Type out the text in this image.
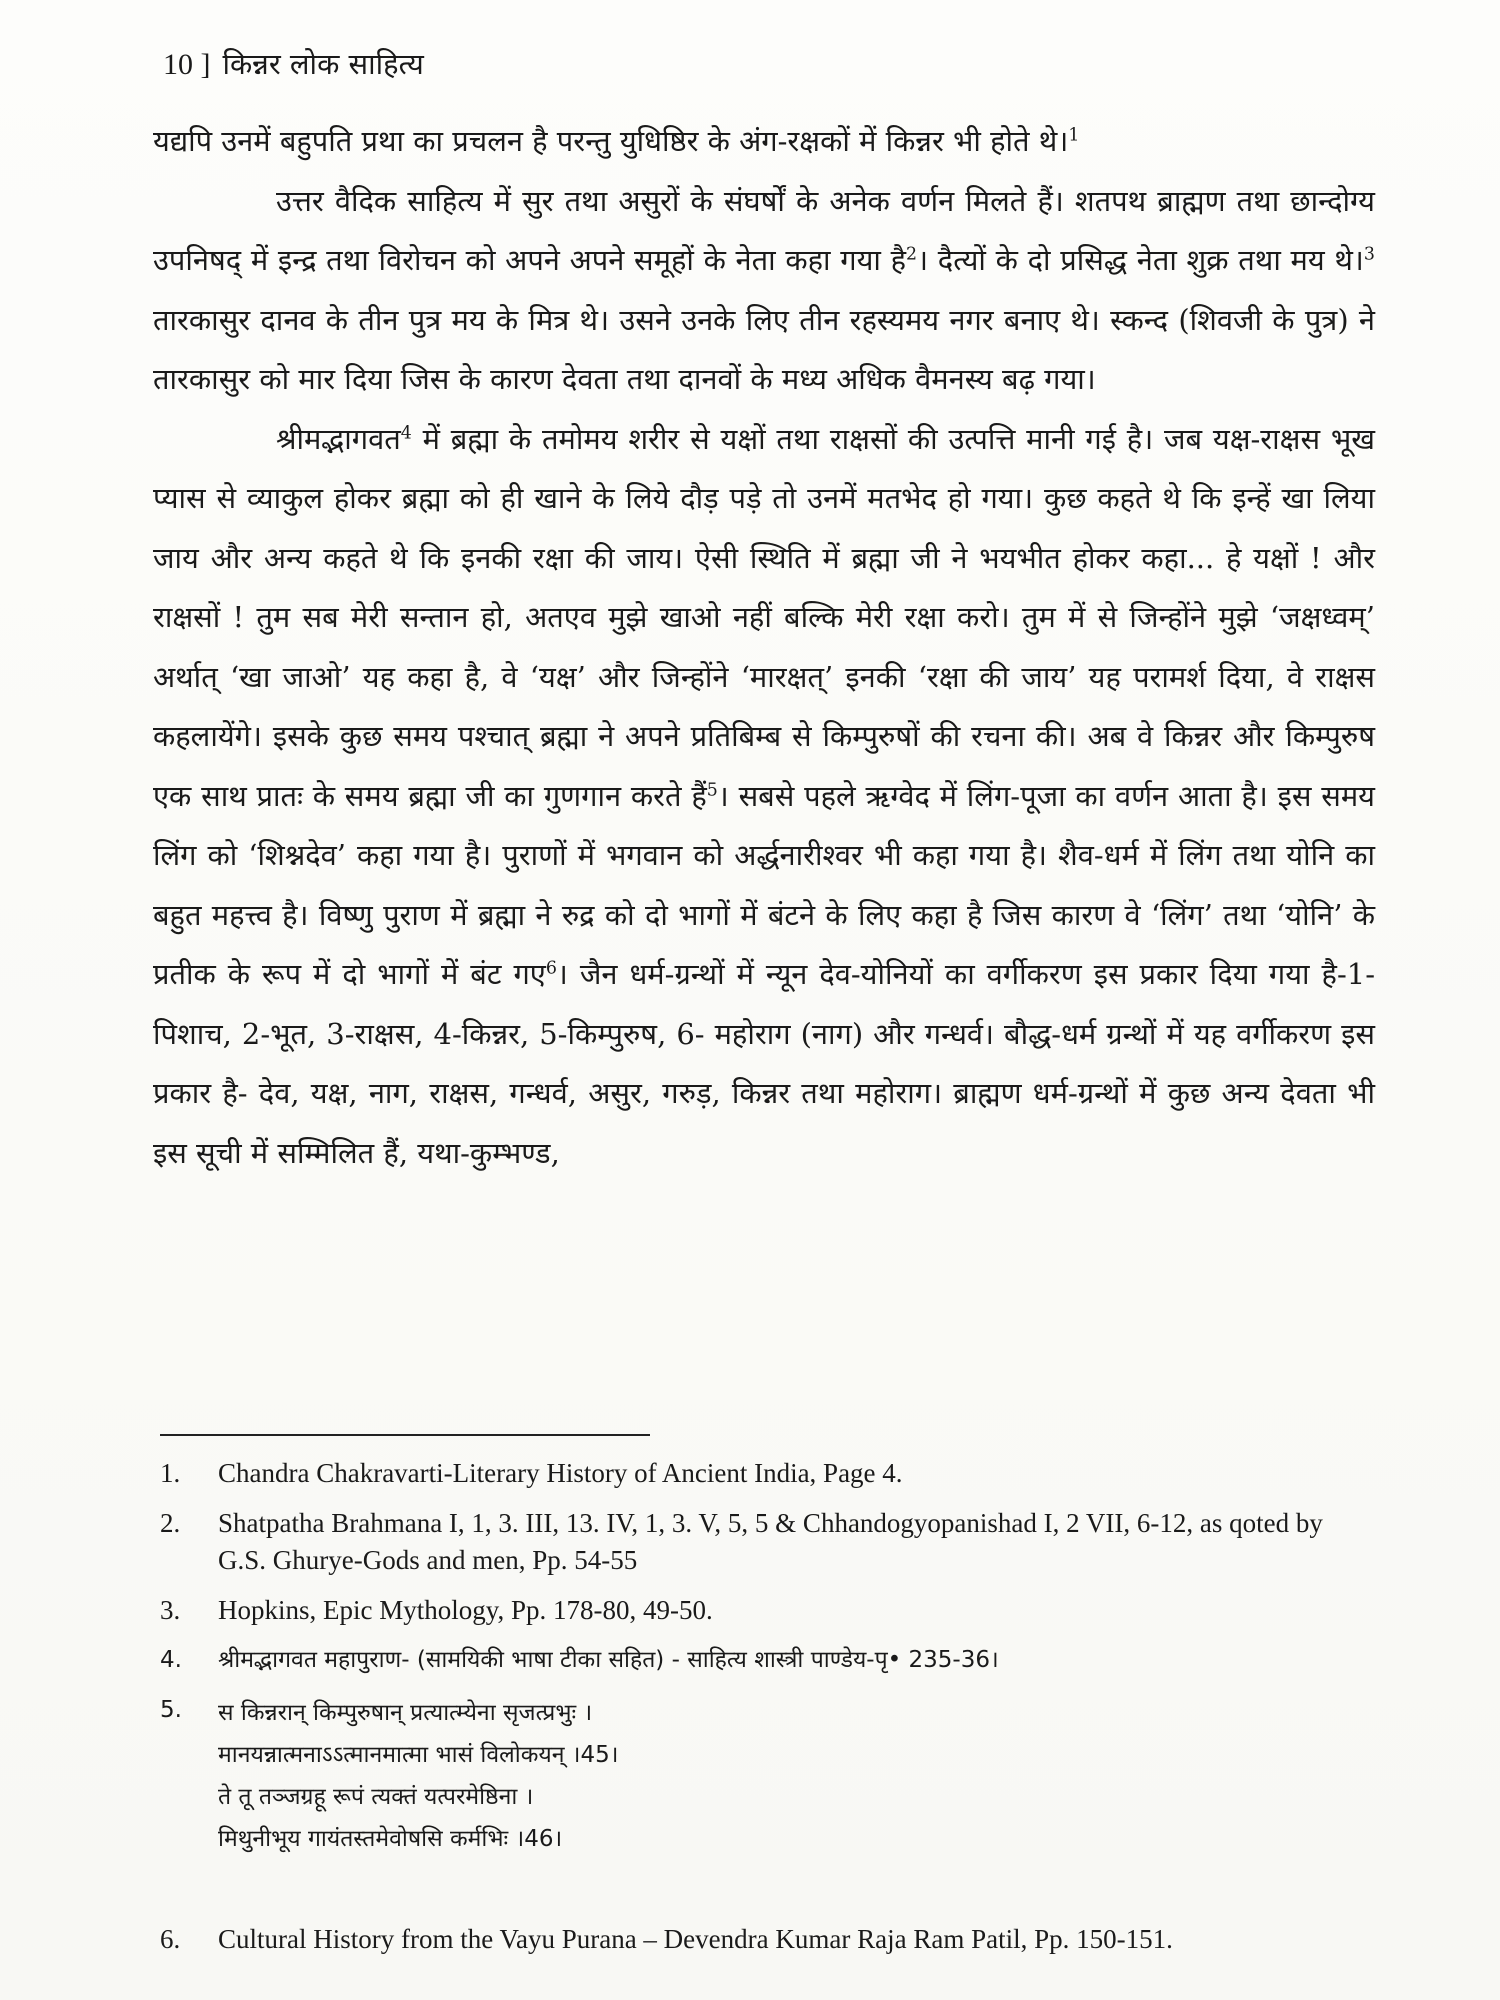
10 ] किन्नर लोक साहित्य

यद्यपि उनमें बहुपति प्रथा का प्रचलन है परन्तु युधिष्ठिर के अंग-रक्षकों में किन्नर भी होते थे।$^1$

उत्तर वैदिक साहित्य में सुर तथा असुरों के संघर्षों के अनेक वर्णन मिलते हैं। शतपथ ब्राह्मण तथा छान्दोग्य उपनिषद् में इन्द्र तथा विरोचन को अपने अपने समूहों के नेता कहा गया है$^2$। दैत्यों के दो प्रसिद्ध नेता शुक्र तथा मय थे।$^3$ तारकासुर दानव के तीन पुत्र मय के मित्र थे। उसने उनके लिए तीन रहस्यमय नगर बनाए थे। स्कन्द (शिवजी के पुत्र) ने तारकासुर को मार दिया जिस के कारण देवता तथा दानवों के मध्य अधिक वैमनस्य बढ़ गया।

श्रीमद्भागवत$^4$ में ब्रह्मा के तमोमय शरीर से यक्षों तथा राक्षसों की उत्पत्ति मानी गई है। जब यक्ष-राक्षस भूख प्यास से व्याकुल होकर ब्रह्मा को ही खाने के लिये दौड़ पड़े तो उनमें मतभेद हो गया। कुछ कहते थे कि इन्हें खा लिया जाय और अन्य कहते थे कि इनकी रक्षा की जाय। ऐसी स्थिति में ब्रह्मा जी ने भयभीत होकर कहा... हे यक्षों ! और राक्षसों ! तुम सब मेरी सन्तान हो, अतएव मुझे खाओ नहीं बल्कि मेरी रक्षा करो। तुम में से जिन्होंने मुझे ‘जक्षध्वम्’ अर्थात् ‘खा जाओ’ यह कहा है, वे ‘यक्ष’ और जिन्होंने ‘मारक्षत्’ इनकी ‘रक्षा की जाय’ यह परामर्श दिया, वे राक्षस कहलायेंगे। इसके कुछ समय पश्चात् ब्रह्मा ने अपने प्रतिबिम्ब से किम्पुरुषों की रचना की। अब वे किन्नर और किम्पुरुष एक साथ प्रातः के समय ब्रह्मा जी का गुणगान करते हैं$^5$। सबसे पहले ऋग्वेद में लिंग-पूजा का वर्णन आता है। इस समय लिंग को ‘शिश्नदेव’ कहा गया है। पुराणों में भगवान को अर्द्धनारीश्वर भी कहा गया है। शैव-धर्म में लिंग तथा योनि का बहुत महत्त्व है। विष्णु पुराण में ब्रह्मा ने रुद्र को दो भागों में बंटने के लिए कहा है जिस कारण वे ‘लिंग’ तथा ‘योनि’ के प्रतीक के रूप में दो भागों में बंट गए$^6$। जैन धर्म-ग्रन्थों में न्यून देव-योनियों का वर्गीकरण इस प्रकार दिया गया है-1-पिशाच, 2-भूत, 3-राक्षस, 4-किन्नर, 5-किम्पुरुष, 6- महोराग (नाग) और गन्धर्व। बौद्ध-धर्म ग्रन्थों में यह वर्गीकरण इस प्रकार है- देव, यक्ष, नाग, राक्षस, गन्धर्व, असुर, गरुड़, किन्नर तथा महोराग। ब्राह्मण धर्म-ग्रन्थों में कुछ अन्य देवता भी इस सूची में सम्मिलित हैं, यथा-कुम्भण्ड,

1.	Chandra Chakravarti-Literary History of Ancient India, Page 4.
2.	Shatpatha Brahmana I, 1, 3. III, 13. IV, 1, 3. V, 5, 5 & Chhandogyopanishad I, 2 VII, 6-12, as qoted by G.S. Ghurye-Gods and men, Pp. 54-55
3.	Hopkins, Epic Mythology, Pp. 178-80, 49-50.
4.	श्रीमद्भागवत महापुराण- (सामयिकी भाषा टीका सहित) - साहित्य शास्त्री पाण्डेय-पृ• 235-36।
5.	स किन्नरान् किम्पुरुषान् प्रत्यात्म्येना सृजत्प्रभुः ।
मानयन्नात्मनाऽऽत्मानमात्मा भासं विलोकयन् ।45।
ते तू तञ्जग्रहू रूपं त्यक्तं यत्परमेष्ठिना ।
मिथुनीभूय गायंतस्तमेवोषसि कर्मभिः ।46।
6.	Cultural History from the Vayu Purana – Devendra Kumar Raja Ram Patil, Pp. 150-151.
